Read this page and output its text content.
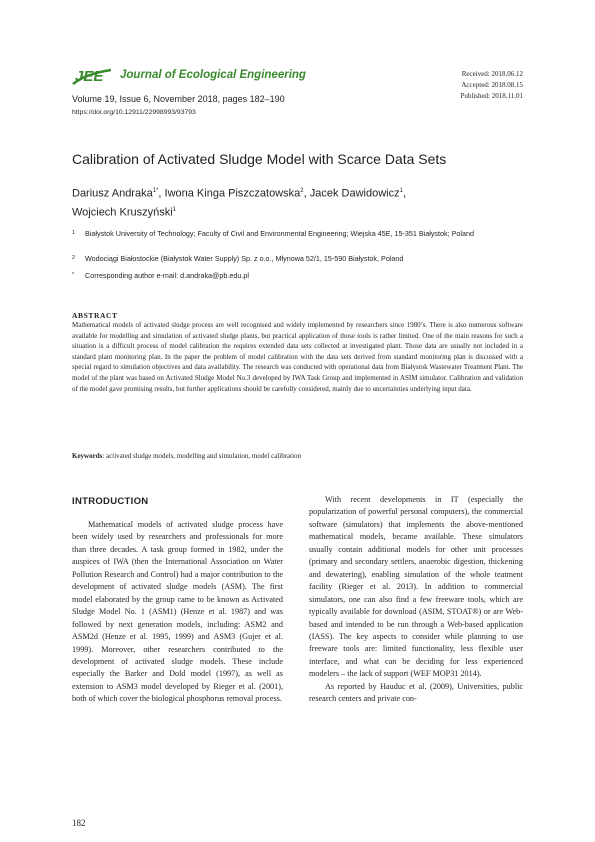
JEE Journal of Ecological Engineering
Volume 19, Issue 6, November 2018, pages 182–190
https://doi.org/10.12911/22998993/93793
Received: 2018.06.12
Accepted: 2018.08.15
Published: 2018.11.01
Calibration of Activated Sludge Model with Scarce Data Sets
Dariusz Andraka$^{1*}$, Iwona Kinga Piszczatowska$^2$, Jacek Dawidowicz$^1$,
Wojciech Kruszyński$^1$
1	Białystok University of Technology; Faculty of Civil and Environmental Engineering; Wiejska 45E, 15-351 Białystok; Poland
2	Wodociągi Białostockie (Białystok Water Supply) Sp. z o.o., Młynowa 52/1, 15-590 Białystok, Poland
*	Corresponding author e-mail: d.andraka@pb.edu.pl
ABSTRACT
Mathematical models of activated sludge process are well recognised and widely implemented by researchers since 1980’s. There is also numerous software available for modelling and simulation of activated sludge plants, but practical application of those tools is rather limited. One of the main reasons for such a situation is a difficult process of model calibration the requires extended data sets collected at investigated plant. Those data are usually not included in a standard plant monitoring plan. In the paper the problem of model calibration with the data sets derived from standard monitoring plan is discussed with a special regard to simulation objectives and data availability. The research was conducted with operational data from Białystok Wastewater Treatment Plant. The model of the plant was based on Activated Sludge Model No.3 developed by IWA Task Group and implemented in ASIM simulator. Calibration and validation of the model gave promising results, but further applications should be carefully considered, mainly due to uncertainties underlying input data.
Keywords: activated sludge models, modelling and simulation, model calibration
INTRODUCTION

Mathematical models of activated sludge process have been widely used by researchers and professionals for more than three decades. A task group formed in 1982, under the auspices of IWA (then the International Association on Water Pollution Research and Control) had a major contribution to the development of activated sludge models (ASM). The first model elaborated by the group came to be known as Activated Sludge Model No. 1 (ASM1) (Henze et al. 1987) and was followed by next generation models, including: ASM2 and ASM2d (Henze et al. 1995, 1999) and ASM3 (Gujer et al. 1999). Moreover, other researchers contributed to the development of activated sludge models. These include especially the Barker and Dold model (1997), as well as extension to ASM3 model developed by Rieger et al. (2001), both of which cover the biological phosphorus removal process.

With recent developments in IT (especially the popularization of powerful personal computers), the commercial software (simulators) that implements the above-mentioned mathematical models, became available. These simulators usually contain additional models for other unit processes (primary and secondary settlers, anaerobic digestion, thickening and dewatering), enabling simulation of the whole teatment facility (Rieger et al. 2013). In addition to commercial simulators, one can also find a few freeware tools, which are typically available for download (ASIM, STOAT®) or are Web-based and intended to be run through a Web-based application (IASS). The key aspects to consider while planning to use freeware tools are: limited functionality, less flexible user interface, and what can be deciding for less experienced modelers – the lack of support (WEF MOP31 2014).

As reported by Hauduc et al. (2009), Universities, public research centers and private con-

182
